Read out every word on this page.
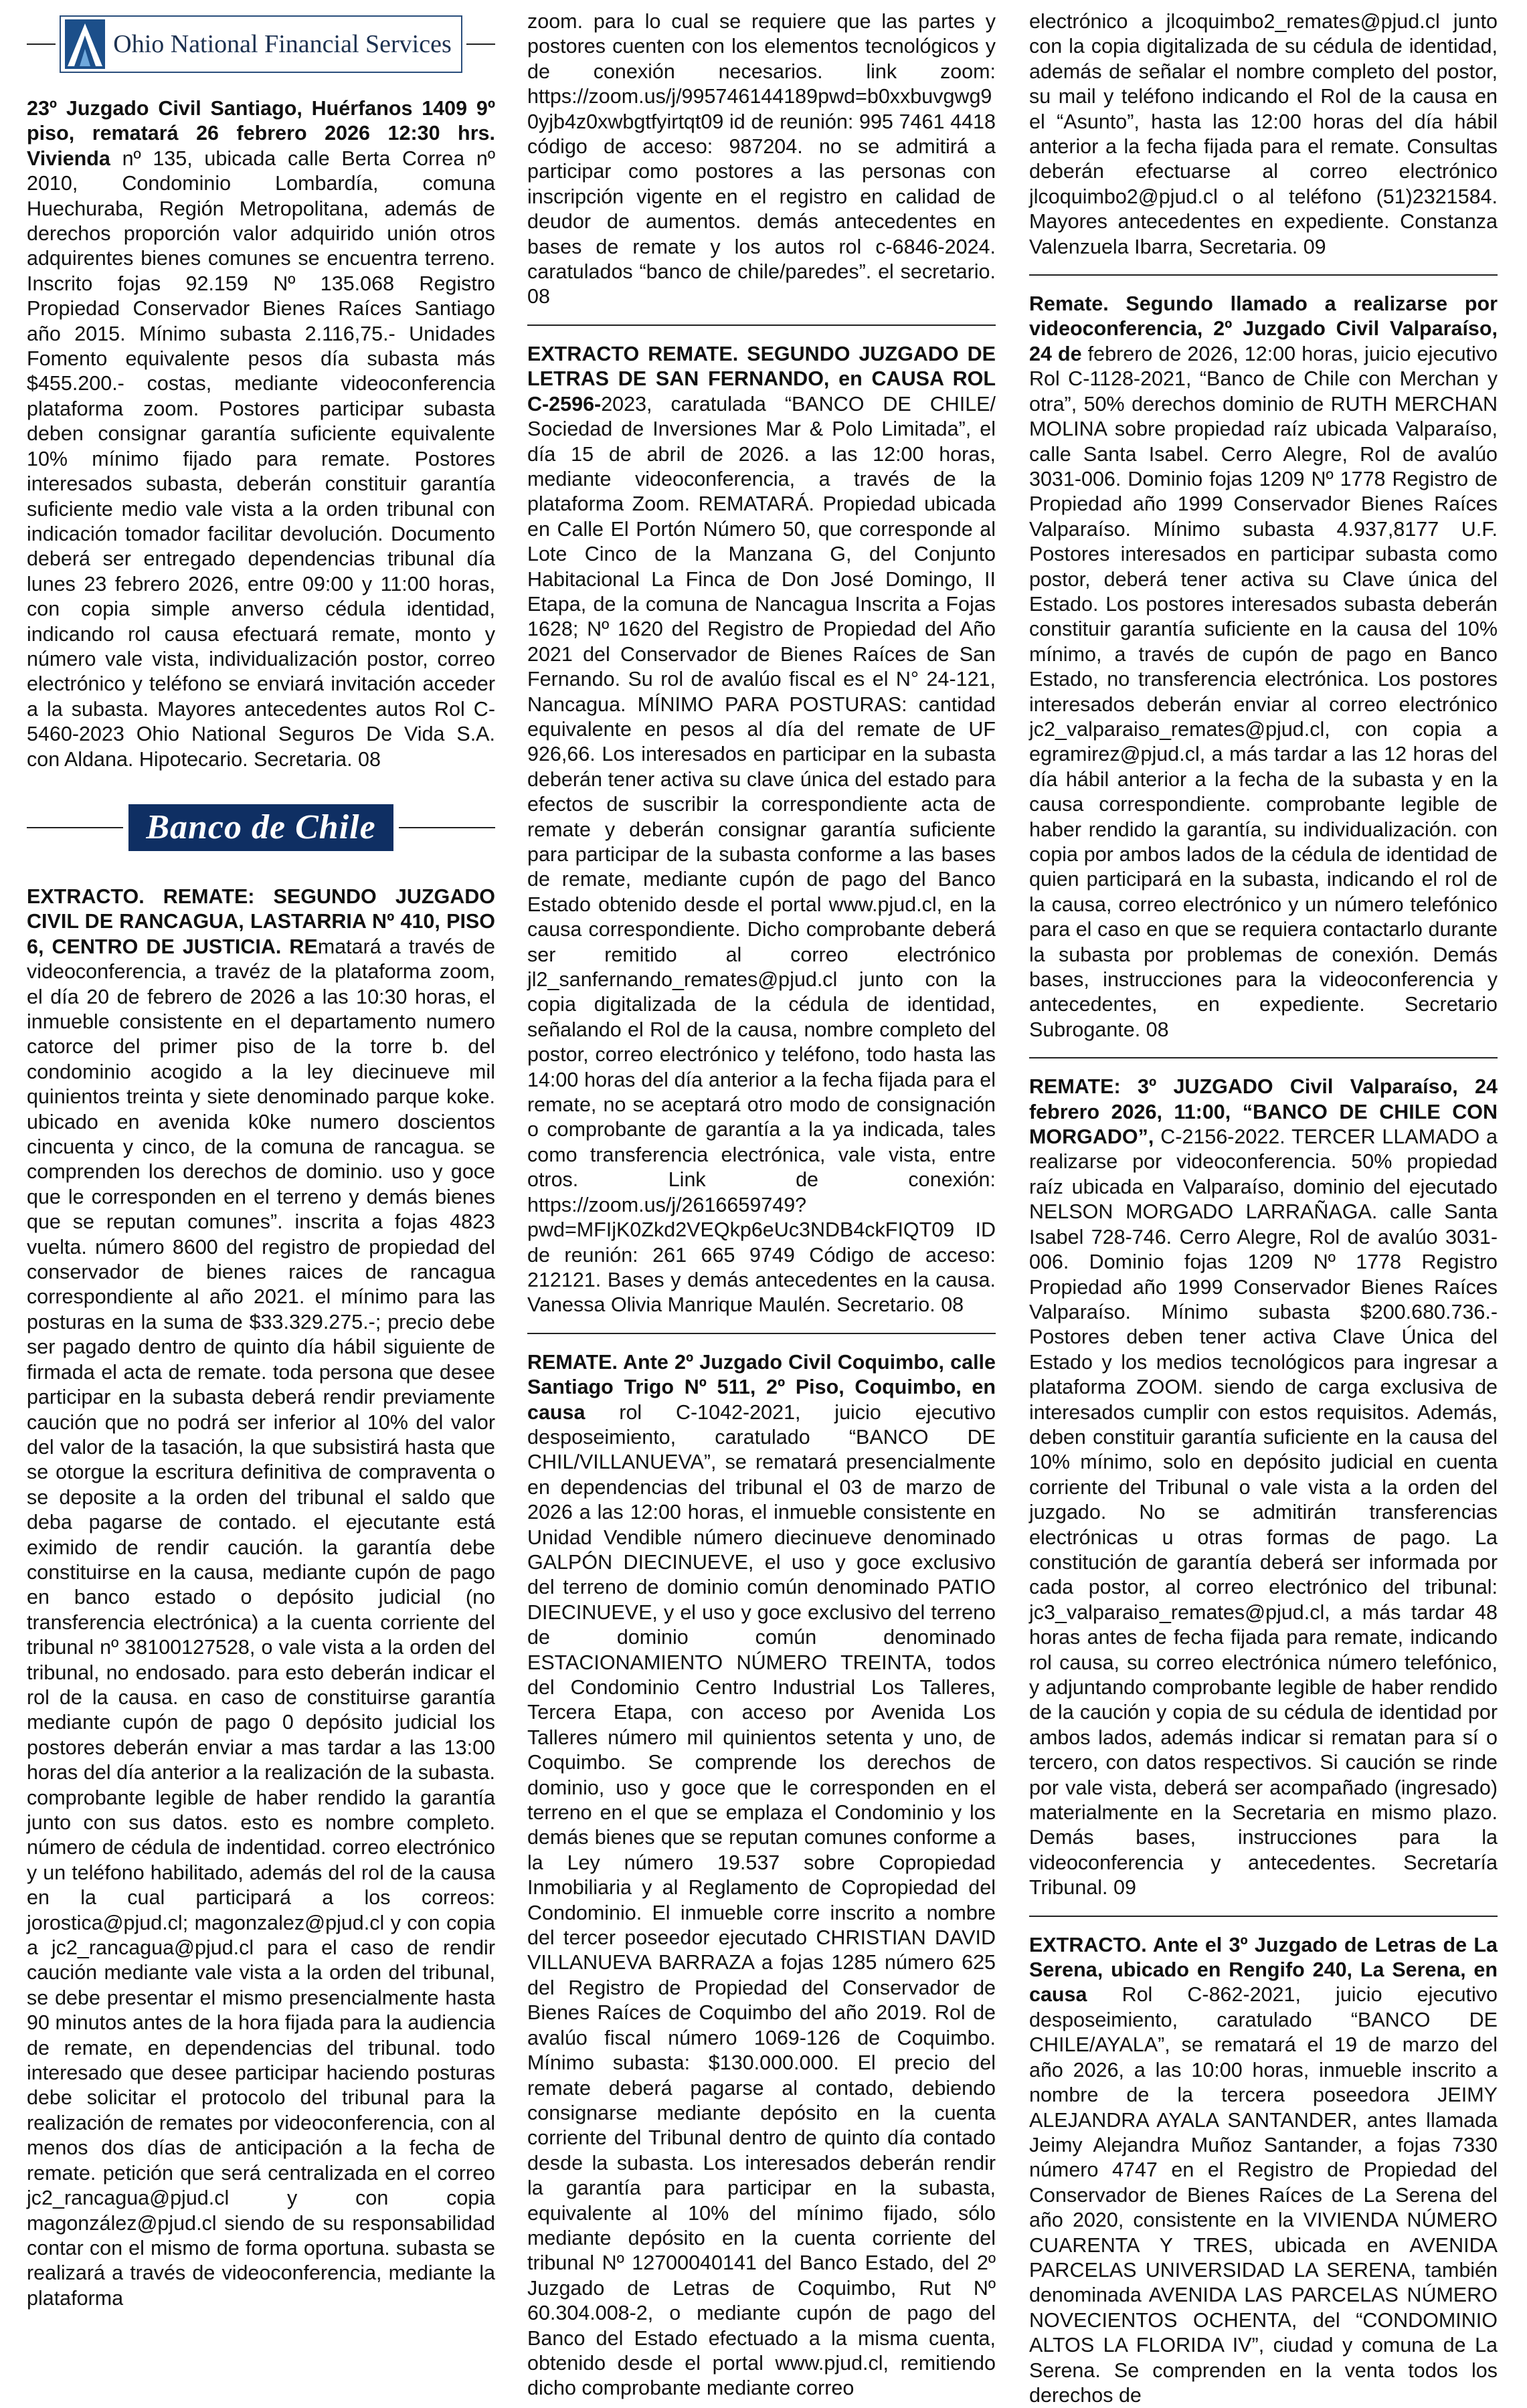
Ohio National Financial Services

23º Juzgado Civil Santiago, Huérfanos 1409 9º piso, rematará 26 febrero 2026 12:30 hrs. Vivienda nº 135, ubicada calle Berta Correa nº 2010, Condominio Lombardía, comuna Huechuraba, Región Metropolitana, además de derechos proporción valor adquirido unión otros adquirentes bienes comunes se encuentra terreno. Inscrito fojas 92.159 Nº 135.068 Registro Propiedad Conservador Bienes Raíces Santiago año 2015. Mínimo subasta 2.116,75.- Unidades Fomento equivalente pesos día subasta más $455.200.- costas, mediante videoconferencia plataforma zoom. Postores participar subasta deben consignar garantía suficiente equivalente 10% mínimo fijado para remate. Postores interesados subasta, deberán constituir garantía suficiente medio vale vista a la orden tribunal con indicación tomador facilitar devolución. Documento deberá ser entregado dependencias tribunal día lunes 23 febrero 2026, entre 09:00 y 11:00 horas, con copia simple anverso cédula identidad, indicando rol causa efectuará remate, monto y número vale vista, individualización postor, correo electrónico y teléfono se enviará invitación acceder a la subasta. Mayores antecedentes autos Rol C-5460-2023 Ohio National Seguros De Vida S.A. con Aldana. Hipotecario. Secretaria. 08

Banco de Chile

EXTRACTO. REMATE: SEGUNDO JUZGADO CIVIL DE RANCAGUA, LASTARRIA Nº 410, PISO 6, CENTRO DE JUSTICIA. REmatará a través de videoconferencia, a travéz de la plataforma zoom, el día 20 de febrero de 2026 a las 10:30 horas, el inmueble consistente en el departamento numero catorce del primer piso de la torre b. del condominio acogido a la ley diecinueve mil quinientos treinta y siete denominado parque koke. ubicado en avenida k0ke numero doscientos cincuenta y cinco, de la comuna de rancagua. se comprenden los derechos de dominio. uso y goce que le corresponden en el terreno y demás bienes que se reputan comunes”. inscrita a fojas 4823 vuelta. número 8600 del registro de propiedad del conservador de bienes raices de rancagua correspondiente al año 2021. el mínimo para las posturas en la suma de $33.329.275.-; precio debe ser pagado dentro de quinto día hábil siguiente de firmada el acta de remate. toda persona que desee participar en la subasta deberá rendir previamente caución que no podrá ser inferior al 10% del valor del valor de la tasación, la que subsistirá hasta que se otorgue la escritura definitiva de compraventa o se deposite a la orden del tribunal el saldo que deba pagarse de contado. el ejecutante está eximido de rendir caución. la garantía debe constituirse en la causa, mediante cupón de pago en banco estado o depósito judicial (no transferencia electrónica) a la cuenta corriente del tribunal nº 38100127528, o vale vista a la orden del tribunal, no endosado. para esto deberán indicar el rol de la causa. en caso de constituirse garantía mediante cupón de pago 0 depósito judicial los postores deberán enviar a mas tardar a las 13:00 horas del día anterior a la realización de la subasta. comprobante legible de haber rendido la garantía junto con sus datos. esto es nombre completo. número de cédula de indentidad. correo electrónico y un teléfono habilitado, además del rol de la causa en la cual participará a los correos: jorostica@pjud.cl; magonzalez@pjud.cl y con copia a jc2_rancagua@pjud.cl para el caso de rendir caución mediante vale vista a la orden del tribunal, se debe presentar el mismo presencialmente hasta 90 minutos antes de la hora fijada para la audiencia de remate, en dependencias del tribunal. todo interesado que desee participar haciendo posturas debe solicitar el protocolo del tribunal para la realización de remates por videoconferencia, con al menos dos días de anticipación a la fecha de remate. petición que será centralizada en el correo jc2_rancagua@pjud.cl y con copia magonzález@pjud.cl siendo de su responsabilidad contar con el mismo de forma oportuna. subasta se realizará a través de videoconferencia, mediante la plataforma

zoom. para lo cual se requiere que las partes y postores cuenten con los elementos tecnológicos y de conexión necesarios. link zoom: https://zoom.us/j/995746144189pwd=b0xxbuvgwg90yjb4z0xwbgtfyirtqt09 id de reunión: 995 7461 4418 código de acceso: 987204. no se admitirá a participar como postores a las personas con inscripción vigente en el registro en calidad de deudor de aumentos. demás antecedentes en bases de remate y los autos rol c-6846-2024. caratulados “banco de chile/paredes”. el secretario. 08

EXTRACTO REMATE. SEGUNDO JUZGADO DE LETRAS DE SAN FERNANDO, en CAUSA ROL C-2596-2023, caratulada “BANCO DE CHILE/ Sociedad de Inversiones Mar & Polo Limitada”, el día 15 de abril de 2026. a las 12:00 horas, mediante videoconferencia, a través de la plataforma Zoom. REMATARÁ. Propiedad ubicada en Calle El Portón Número 50, que corresponde al Lote Cinco de la Manzana G, del Conjunto Habitacional La Finca de Don José Domingo, II Etapa, de la comuna de Nancagua Inscrita a Fojas 1628; Nº 1620 del Registro de Propiedad del Año 2021 del Conservador de Bienes Raíces de San Fernando. Su rol de avalúo fiscal es el N° 24-121, Nancagua. MÍNIMO PARA POSTURAS: cantidad equivalente en pesos al día del remate de UF 926,66. Los interesados en participar en la subasta deberán tener activa su clave única del estado para efectos de suscribir la correspondiente acta de remate y deberán consignar garantía suficiente para participar de la subasta conforme a las bases de remate, mediante cupón de pago del Banco Estado obtenido desde el portal www.pjud.cl, en la causa correspondiente. Dicho comprobante deberá ser remitido al correo electrónico jl2_sanfernando_remates@pjud.cl junto con la copia digitalizada de la cédula de identidad, señalando el Rol de la causa, nombre completo del postor, correo electrónico y teléfono, todo hasta las 14:00 horas del día anterior a la fecha fijada para el remate, no se aceptará otro modo de consignación o comprobante de garantía a la ya indicada, tales como transferencia electrónica, vale vista, entre otros. Link de conexión: https://zoom.us/j/2616659749?pwd=MFIjK0Zkd2VEQkp6eUc3NDB4ckFIQT09 ID de reunión: 261 665 9749 Código de acceso: 212121. Bases y demás antecedentes en la causa. Vanessa Olivia Manrique Maulén. Secretario. 08

REMATE. Ante 2º Juzgado Civil Coquimbo, calle Santiago Trigo Nº 511, 2º Piso, Coquimbo, en causa rol C-1042-2021, juicio ejecutivo desposeimiento, caratulado “BANCO DE CHIL/VILLANUEVA”, se rematará presencialmente en dependencias del tribunal el 03 de marzo de 2026 a las 12:00 horas, el inmueble consistente en Unidad Vendible número diecinueve denominado GALPÓN DIECINUEVE, el uso y goce exclusivo del terreno de dominio común denominado PATIO DIECINUEVE, y el uso y goce exclusivo del terreno de dominio común denominado ESTACIONAMIENTO NÚMERO TREINTA, todos del Condominio Centro Industrial Los Talleres, Tercera Etapa, con acceso por Avenida Los Talleres número mil quinientos setenta y uno, de Coquimbo. Se comprende los derechos de dominio, uso y goce que le corresponden en el terreno en el que se emplaza el Condominio y los demás bienes que se reputan comunes conforme a la Ley número 19.537 sobre Copropiedad Inmobiliaria y al Reglamento de Copropiedad del Condominio. El inmueble corre inscrito a nombre del tercer poseedor ejecutado CHRISTIAN DAVID VILLANUEVA BARRAZA a fojas 1285 número 625 del Registro de Propiedad del Conservador de Bienes Raíces de Coquimbo del año 2019. Rol de avalúo fiscal número 1069-126 de Coquimbo. Mínimo subasta: $130.000.000. El precio del remate deberá pagarse al contado, debiendo consignarse mediante depósito en la cuenta corriente del Tribunal dentro de quinto día contado desde la subasta. Los interesados deberán rendir la garantía para participar en la subasta, equivalente al 10% del mínimo fijado, sólo mediante depósito en la cuenta corriente del tribunal Nº 12700040141 del Banco Estado, del 2º Juzgado de Letras de Coquimbo, Rut Nº 60.304.008-2, o mediante cupón de pago del Banco del Estado efectuado a la misma cuenta, obtenido desde el portal www.pjud.cl, remitiendo dicho comprobante mediante correo

electrónico a jlcoquimbo2_remates@pjud.cl junto con la copia digitalizada de su cédula de identidad, además de señalar el nombre completo del postor, su mail y teléfono indicando el Rol de la causa en el “Asunto”, hasta las 12:00 horas del día hábil anterior a la fecha fijada para el remate. Consultas deberán efectuarse al correo electrónico jlcoquimbo2@pjud.cl o al teléfono (51)2321584. Mayores antecedentes en expediente. Constanza Valenzuela Ibarra, Secretaria. 09

Remate. Segundo llamado a realizarse por videoconferencia, 2º Juzgado Civil Valparaíso, 24 de febrero de 2026, 12:00 horas, juicio ejecutivo Rol C-1128-2021, “Banco de Chile con Merchan y otra”, 50% derechos dominio de RUTH MERCHAN MOLINA sobre propiedad raíz ubicada Valparaíso, calle Santa Isabel. Cerro Alegre, Rol de avalúo 3031-006. Dominio fojas 1209 Nº 1778 Registro de Propiedad año 1999 Conservador Bienes Raíces Valparaíso. Mínimo subasta 4.937,8177 U.F. Postores interesados en participar subasta como postor, deberá tener activa su Clave única del Estado. Los postores interesados subasta deberán constituir garantía suficiente en la causa del 10% mínimo, a través de cupón de pago en Banco Estado, no transferencia electrónica. Los postores interesados deberán enviar al correo electrónico jc2_valparaiso_remates@pjud.cl, con copia a egramirez@pjud.cl, a más tardar a las 12 horas del día hábil anterior a la fecha de la subasta y en la causa correspondiente. comprobante legible de haber rendido la garantía, su individualización. con copia por ambos lados de la cédula de identidad de quien participará en la subasta, indicando el rol de la causa, correo electrónico y un número telefónico para el caso en que se requiera contactarlo durante la subasta por problemas de conexión. Demás bases, instrucciones para la videoconferencia y antecedentes, en expediente. Secretario Subrogante. 08

REMATE: 3º JUZGADO Civil Valparaíso, 24 febrero 2026, 11:00, “BANCO DE CHILE CON MORGADO”, C-2156-2022. TERCER LLAMADO a realizarse por videoconferencia. 50% propiedad raíz ubicada en Valparaíso, dominio del ejecutado NELSON MORGADO LARRAÑAGA. calle Santa Isabel 728-746. Cerro Alegre, Rol de avalúo 3031-006. Dominio fojas 1209 Nº 1778 Registro Propiedad año 1999 Conservador Bienes Raíces Valparaíso. Mínimo subasta $200.680.736.- Postores deben tener activa Clave Única del Estado y los medios tecnológicos para ingresar a plataforma ZOOM. siendo de carga exclusiva de interesados cumplir con estos requisitos. Además, deben constituir garantía suficiente en la causa del 10% mínimo, solo en depósito judicial en cuenta corriente del Tribunal o vale vista a la orden del juzgado. No se admitirán transferencias electrónicas u otras formas de pago. La constitución de garantía deberá ser informada por cada postor, al correo electrónico del tribunal: jc3_valparaiso_remates@pjud.cl, a más tardar 48 horas antes de fecha fijada para remate, indicando rol causa, su correo electrónica número telefónico, y adjuntando comprobante legible de haber rendido de la caución y copia de su cédula de identidad por ambos lados, además indicar si rematan para sí o tercero, con datos respectivos. Si caución se rinde por vale vista, deberá ser acompañado (ingresado) materialmente en la Secretaria en mismo plazo. Demás bases, instrucciones para la videoconferencia y antecedentes. Secretaría Tribunal. 09

EXTRACTO. Ante el 3º Juzgado de Letras de La Serena, ubicado en Rengifo 240, La Serena, en causa Rol C-862-2021, juicio ejecutivo desposeimiento, caratulado “BANCO DE CHILE/AYALA”, se rematará el 19 de marzo del año 2026, a las 10:00 horas, inmueble inscrito a nombre de la tercera poseedora JEIMY ALEJANDRA AYALA SANTANDER, antes llamada Jeimy Alejandra Muñoz Santander, a fojas 7330 número 4747 en el Registro de Propiedad del Conservador de Bienes Raíces de La Serena del año 2020, consistente en la VIVIENDA NÚMERO CUARENTA Y TRES, ubicada en AVENIDA PARCELAS UNIVERSIDAD LA SERENA, también denominada AVENIDA LAS PARCELAS NÚMERO NOVECIENTOS OCHENTA, del “CONDOMINIO ALTOS LA FLORIDA IV”, ciudad y comuna de La Serena. Se comprenden en la venta todos los derechos de
